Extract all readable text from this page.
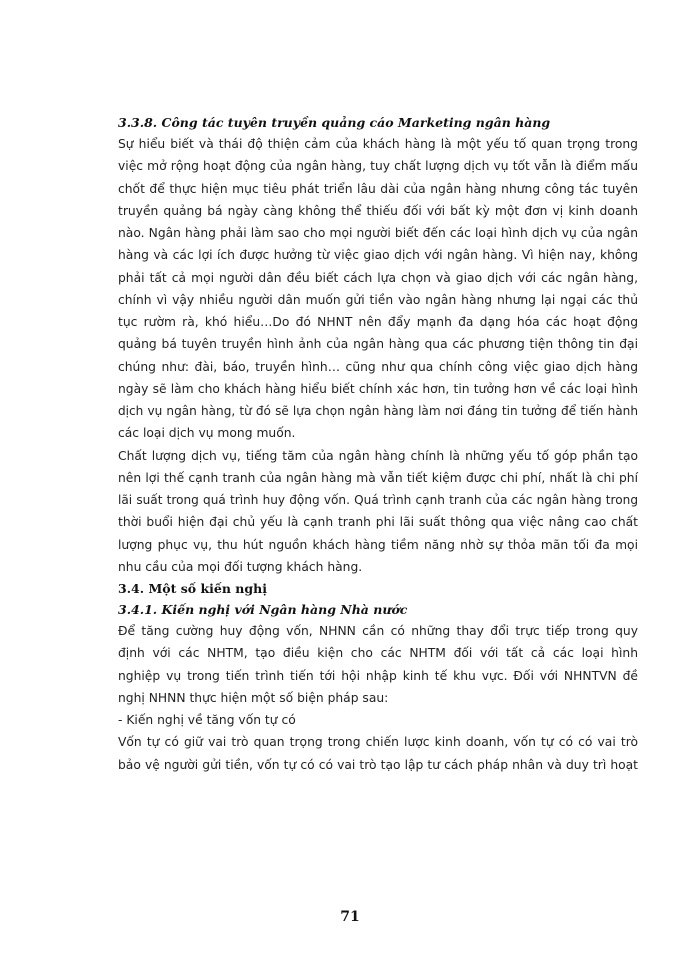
3.3.8. Công tác tuyên truyền quảng cáo Marketing ngân hàng
Sự hiểu biết và thái độ thiện cảm của khách hàng là một yếu tố quan trọng trong
việc mở rộng hoạt động của ngân hàng, tuy chất lượng dịch vụ tốt vẫn là điểm mấu
chốt để thực hiện mục tiêu phát triển lâu dài của ngân hàng nhưng công tác tuyên
truyền quảng bá ngày càng không thể thiếu đối với bất kỳ một đơn vị kinh doanh
nào. Ngân hàng phải làm sao cho mọi người biết đến các loại hình dịch vụ của ngân
hàng và các lợi ích được hưởng từ việc giao dịch với ngân hàng. Vì hiện nay, không
phải tất cả mọi người dân đều biết cách lựa chọn và giao dịch với các ngân hàng,
chính vì vậy nhiều người dân muốn gửi tiền vào ngân hàng nhưng lại ngại các thủ
tục rườm rà, khó hiểu…Do đó NHNT nên đẩy mạnh đa dạng hóa các hoạt động
quảng bá tuyên truyền hình ảnh của ngân hàng qua các phương tiện thông tin đại
chúng như: đài, báo, truyền hình… cũng như qua chính công việc giao dịch hàng
ngày sẽ làm cho khách hàng hiểu biết chính xác hơn, tin tưởng hơn về các loại hình
dịch vụ ngân hàng, từ đó sẽ lựa chọn ngân hàng làm nơi đáng tin tưởng để tiến hành
các loại dịch vụ mong muốn.
Chất lượng dịch vụ, tiếng tăm của ngân hàng chính là những yếu tố góp phần tạo
nên lợi thế cạnh tranh của ngân hàng mà vẫn tiết kiệm được chi phí, nhất là chi phí
lãi suất trong quá trình huy động vốn. Quá trình cạnh tranh của các ngân hàng trong
thời buổi hiện đại chủ yếu là cạnh tranh phi lãi suất thông qua việc nâng cao chất
lượng phục vụ, thu hút nguồn khách hàng tiềm năng nhờ sự thỏa mãn tối đa mọi
nhu cầu của mọi đối tượng khách hàng.
3.4. Một số kiến nghị
3.4.1. Kiến nghị với Ngân hàng Nhà nước
Để tăng cường huy động vốn, NHNN cần có những thay đổi trực tiếp trong quy
định với các NHTM, tạo điều kiện cho các NHTM đối với tất cả các loại hình
nghiệp vụ trong tiến trình tiến tới hội nhập kinh tế khu vực. Đối với NHNTVN đề
nghị NHNN thực hiện một số biện pháp sau:
- Kiến nghị về tăng vốn tự có
Vốn tự có giữ vai trò quan trọng trong chiến lược kinh doanh, vốn tự có có vai trò
bảo vệ người gửi tiền, vốn tự có có vai trò tạo lập tư cách pháp nhân và duy trì hoạt
71
